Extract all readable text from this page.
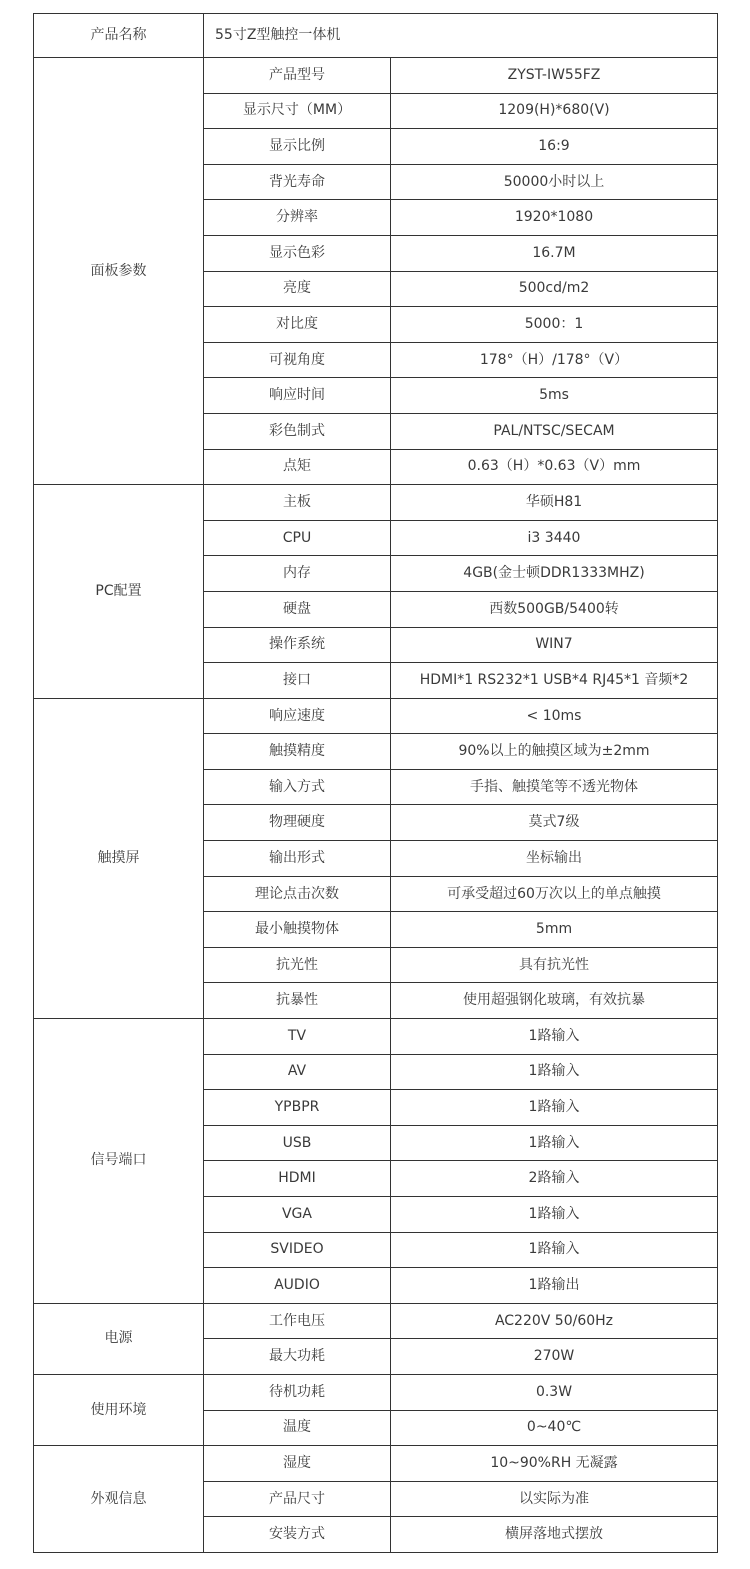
产品名称	55寸Z型触控一体机	
面板参数	产品型号	ZYST-IW55FZ
	显示尺寸（MM）	1209(H)*680(V)
	显示比例	16:9
	背光寿命	50000小时以上
	分辨率	1920*1080
	显示色彩	16.7M
	亮度	500cd/m2
	对比度	5000：1
	可视角度	178°（H）/178°（V）
	响应时间	5ms
	彩色制式	PAL/NTSC/SECAM
	点矩	0.63（H）*0.63（V）mm
PC配置	主板	华硕H81
	CPU	i3 3440
	内存	4GB(金士顿DDR1333MHZ)
	硬盘	西数500GB/5400转
	操作系统	WIN7
	接口	HDMI*1 RS232*1 USB*4 RJ45*1 音频*2
触摸屏	响应速度	< 10ms
	触摸精度	90%以上的触摸区域为±2mm
	输入方式	手指、触摸笔等不透光物体
	物理硬度	莫式7级
	输出形式	坐标输出
	理论点击次数	可承受超过60万次以上的单点触摸
	最小触摸物体	5mm
	抗光性	具有抗光性
	抗暴性	使用超强钢化玻璃，有效抗暴
信号端口	TV	1路输入
	AV	1路输入
	YPBPR	1路输入
	USB	1路输入
	HDMI	2路输入
	VGA	1路输入
	SVIDEO	1路输入
	AUDIO	1路输出
电源	工作电压	AC220V 50/60Hz
	最大功耗	270W
使用环境	待机功耗	0.3W
	温度	0~40℃
外观信息	湿度	10~90%RH 无凝露
	产品尺寸	以实际为准
	安装方式	横屏落地式摆放
